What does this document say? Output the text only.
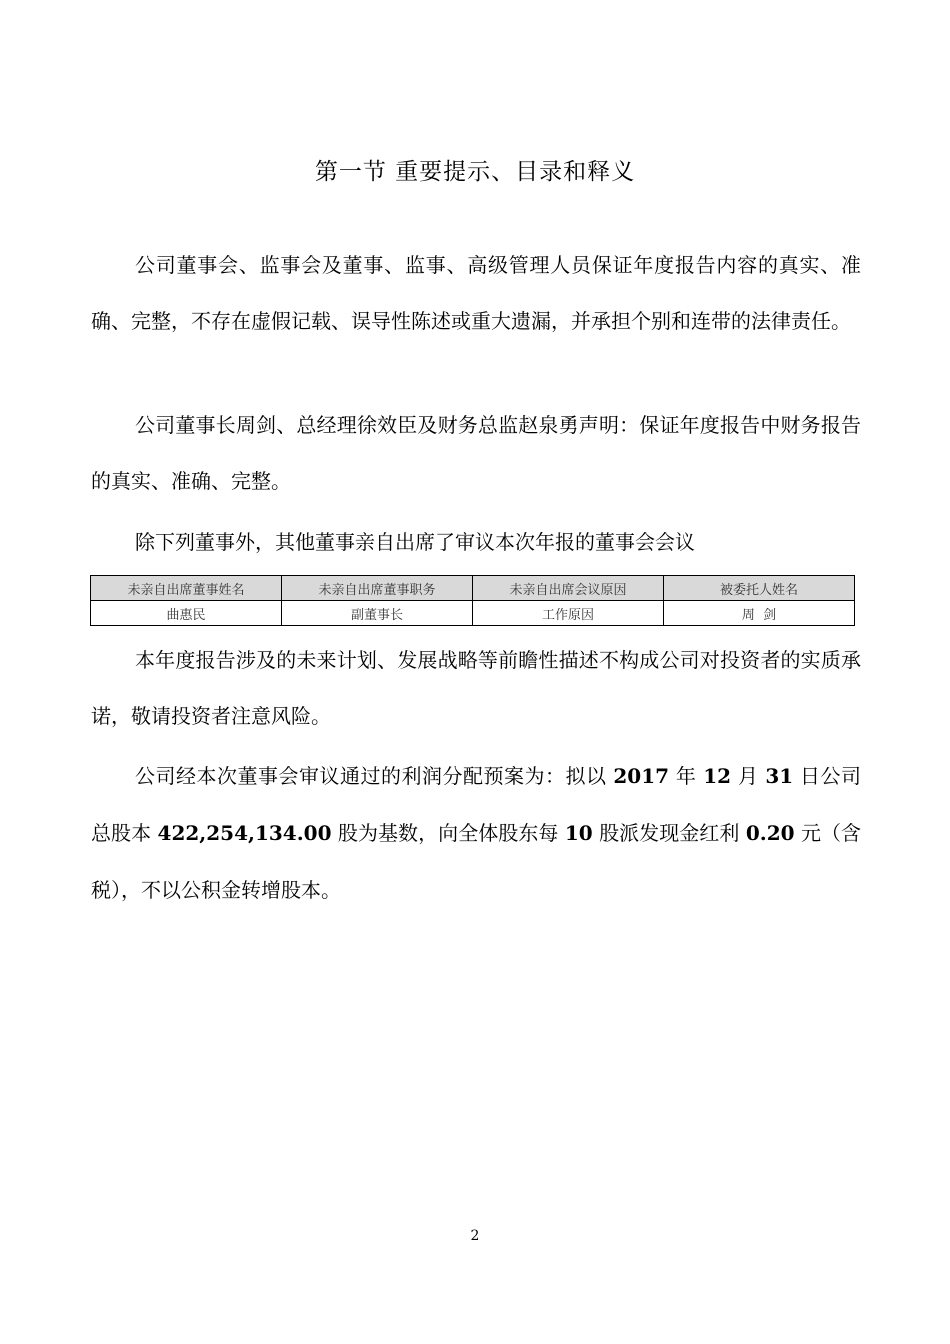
第一节 重要提示、目录和释义

公司董事会、监事会及董事、监事、高级管理人员保证年度报告内容的真实、准确、完整，不存在虚假记载、误导性陈述或重大遗漏，并承担个别和连带的法律责任。

公司董事长周剑、总经理徐效臣及财务总监赵泉勇声明：保证年度报告中财务报告的真实、准确、完整。

除下列董事外，其他董事亲自出席了审议本次年报的董事会会议

未亲自出席董事姓名	未亲自出席董事职务	未亲自出席会议原因	被委托人姓名
曲惠民	副董事长	工作原因	周  剑

本年度报告涉及的未来计划、发展战略等前瞻性描述不构成公司对投资者的实质承诺，敬请投资者注意风险。

公司经本次董事会审议通过的利润分配预案为：拟以 2017 年 12 月 31 日公司总股本 422,254,134.00 股为基数，向全体股东每 10 股派发现金红利 0.20 元（含税），不以公积金转增股本。

2
